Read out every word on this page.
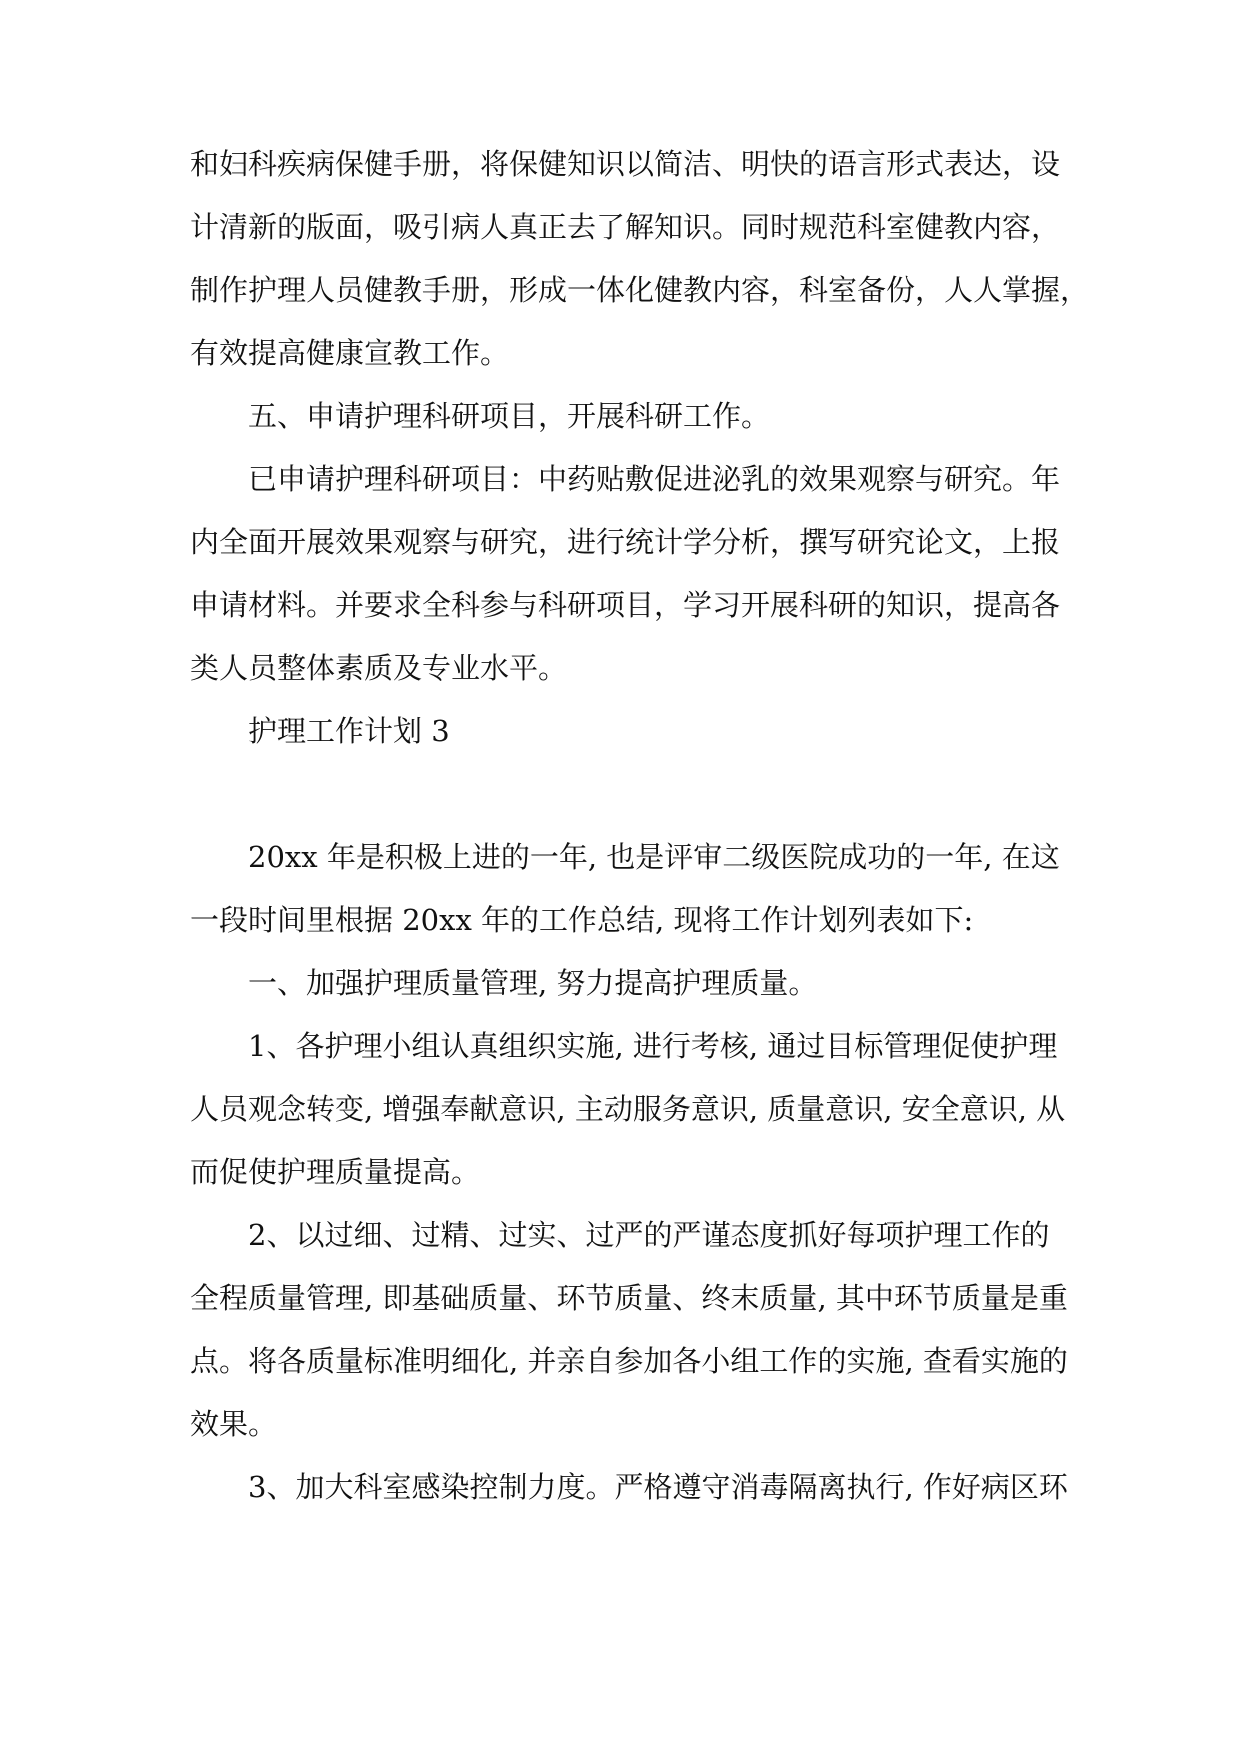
和妇科疾病保健手册，将保健知识以简洁、明快的语言形式表达，设
计清新的版面，吸引病人真正去了解知识。同时规范科室健教内容，
制作护理人员健教手册，形成一体化健教内容，科室备份，人人掌握，
有效提高健康宣教工作。
五、申请护理科研项目，开展科研工作。
已申请护理科研项目：中药贴敷促进泌乳的效果观察与研究。年
内全面开展效果观察与研究，进行统计学分析，撰写研究论文，上报
申请材料。并要求全科参与科研项目，学习开展科研的知识，提高各
类人员整体素质及专业水平。
护理工作计划 3
20xx 年是积极上进的一年, 也是评审二级医院成功的一年, 在这
一段时间里根据 20xx 年的工作总结, 现将工作计划列表如下:
一、加强护理质量管理, 努力提高护理质量。
1、各护理小组认真组织实施, 进行考核, 通过目标管理促使护理
人员观念转变, 增强奉献意识, 主动服务意识, 质量意识, 安全意识, 从
而促使护理质量提高。
2、以过细、过精、过实、过严的严谨态度抓好每项护理工作的
全程质量管理, 即基础质量、环节质量、终末质量, 其中环节质量是重
点。将各质量标准明细化, 并亲自参加各小组工作的实施, 查看实施的
效果。
3、加大科室感染控制力度。严格遵守消毒隔离执行, 作好病区环
